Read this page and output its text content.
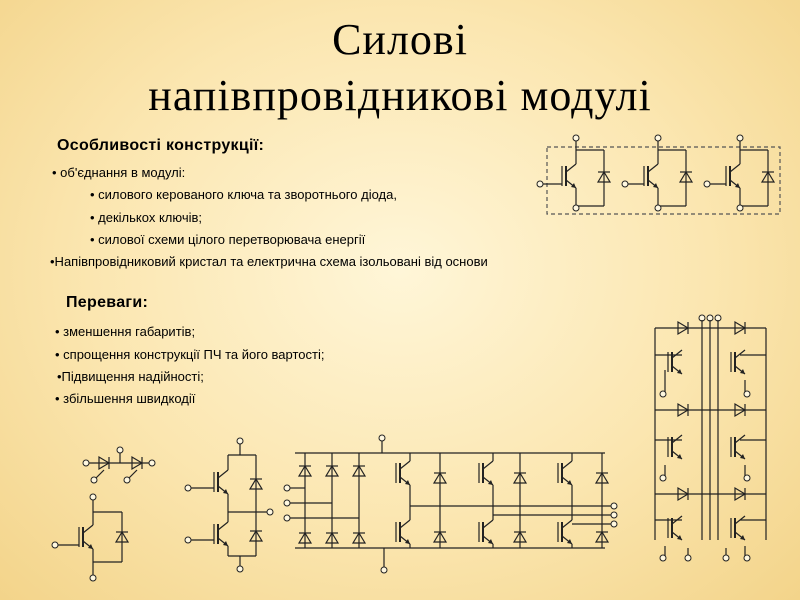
Силові
напівпровідникові модулі
Особливості конструкції:
• об'єднання в модулі:
• силового керованого ключа та зворотнього діода,
• декількох ключів;
• силової схеми цілого перетворювача енергії
•Напівпровідниковий кристал та електрична схема ізольовані від основи
Переваги:
• зменшення габаритів;
• спрощення конструкції ПЧ та його вартості;
•Підвищення надійності;
• збільшення швидкодії
